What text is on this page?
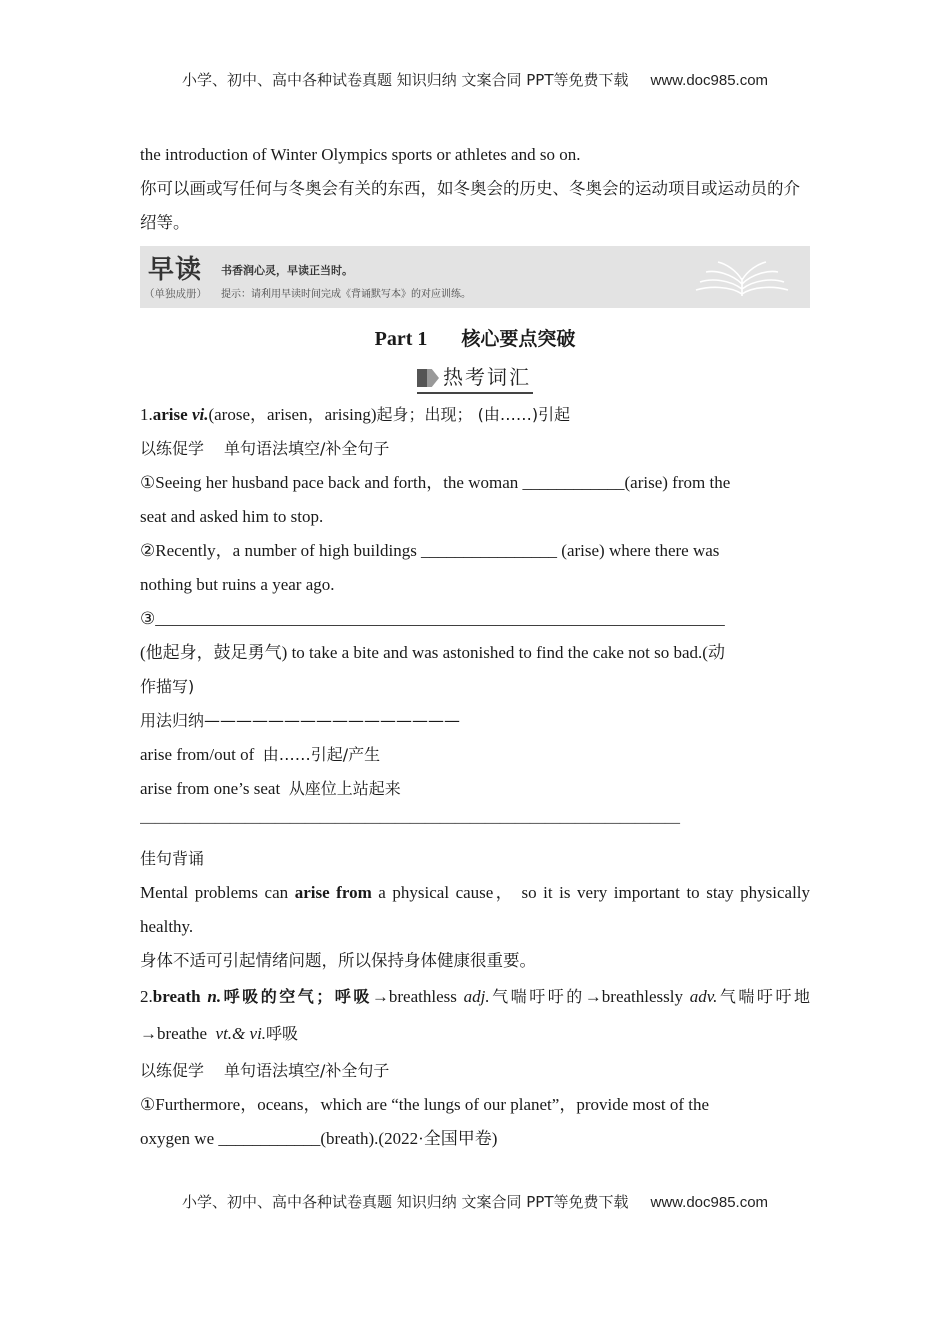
小学、初中、高中各种试卷真题 知识归纳 文案合同 PPT等免费下载 www.doc985.com

the introduction of Winter Olympics sports or athletes and so on.

你可以画或写任何与冬奥会有关的东西，如冬奥会的历史、冬奥会的运动项目或运动员的介绍等。

早读
（单独成册）
书香润心灵，早读正当时。
提示：请利用早读时间完成《背诵默写本》的对应训练。
Part 1 核心要点突破
热考词汇

1.arise vi.(arose，arisen，arising)起身；出现； (由……)引起

以练促学 单句语法填空/补全句子

①Seeing her husband pace back and forth，the woman ____________(arise) from the

seat and asked him to stop.

②Recently，a number of high buildings ________________ (arise) where there was

nothing but ruins a year ago.

③___________________________________________________________________

(他起身，鼓足勇气) to take a bite and was astonished to find the cake not so bad.(动

作描写)

用法归纳————————————————

arise from/out of 由……引起/产生

arise from one’s seat 从座位上站起来

————————————————————————————————————

佳句背诵

Mental problems can arise from a physical cause， so it is very important to stay physically healthy.

身体不适可引起情绪问题，所以保持身体健康很重要。

2.breath n.呼吸的空气；呼吸→breathless adj.气喘吁吁的→breathlessly adv.气喘吁吁地→breathe vt.& vi.呼吸

以练促学 单句语法填空/补全句子

①Furthermore，oceans，which are “the lungs of our planet”，provide most of the

oxygen we ____________(breath).(2022·全国甲卷)

小学、初中、高中各种试卷真题 知识归纳 文案合同 PPT等免费下载 www.doc985.com
